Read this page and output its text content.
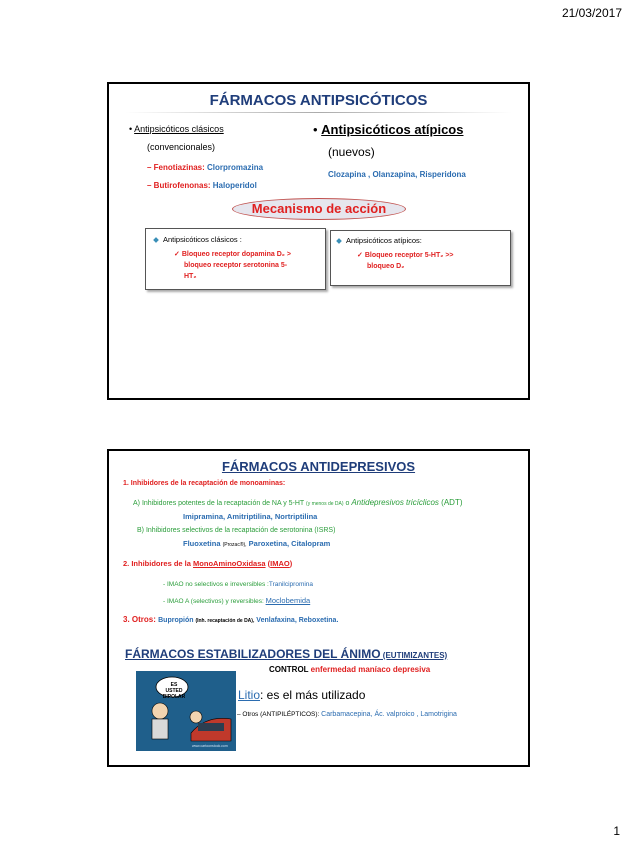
21/03/2017
FÁRMACOS ANTIPSICÓTICOS
• Antipsicóticos clásicos
(convencionales)
– Fenotiazinas: Clorpromazina
– Butirofenonas: Haloperidol
• Antipsicóticos atípicos
(nuevos)
Clozapina , Olanzapina, Risperidona
Mecanismo de acción
Antipsicóticos clásicos :
✓ Bloqueo receptor dopamina D₂ >
bloqueo receptor serotonina 5-
HT₂
Antipsicóticos atípicos:
✓ Bloqueo receptor 5-HT₂ >>
bloqueo D₂
FÁRMACOS ANTIDEPRESIVOS
1. Inhibidores de la recaptación de monoaminas:
A) Inhibidores potentes de la recaptación de NA y 5-HT (y menos de DA) o Antidepresivos tricíclicos (ADT)
Imipramina, Amitriptilina, Nortriptilina
B) Inhibidores selectivos de la recaptación de serotonina (ISRS)
Fluoxetina (Prozac®), Paroxetina, Citalopram
2. Inhibidores de la MonoAminoOxidasa (IMAO)
- IMAO no selectivos e irreversibles :Tranilcipromina
- IMAO A (selectivos) y reversibles: Moclobemida
3. Otros: Bupropión (Inh. recaptación de DA), Venlafaxina, Reboxetina.
FÁRMACOS ESTABILIZADORES DEL ÁNIMO (EUTIMIZANTES)
CONTROL enfermedad maníaco depresiva
ES USTED BIPOLAR
www.cartoonstock.com
Litio: es el más utilizado
– Otros (ANTIPILÉPTICOS): Carbamacepina, Ác. valproico , Lamotrigina
1
